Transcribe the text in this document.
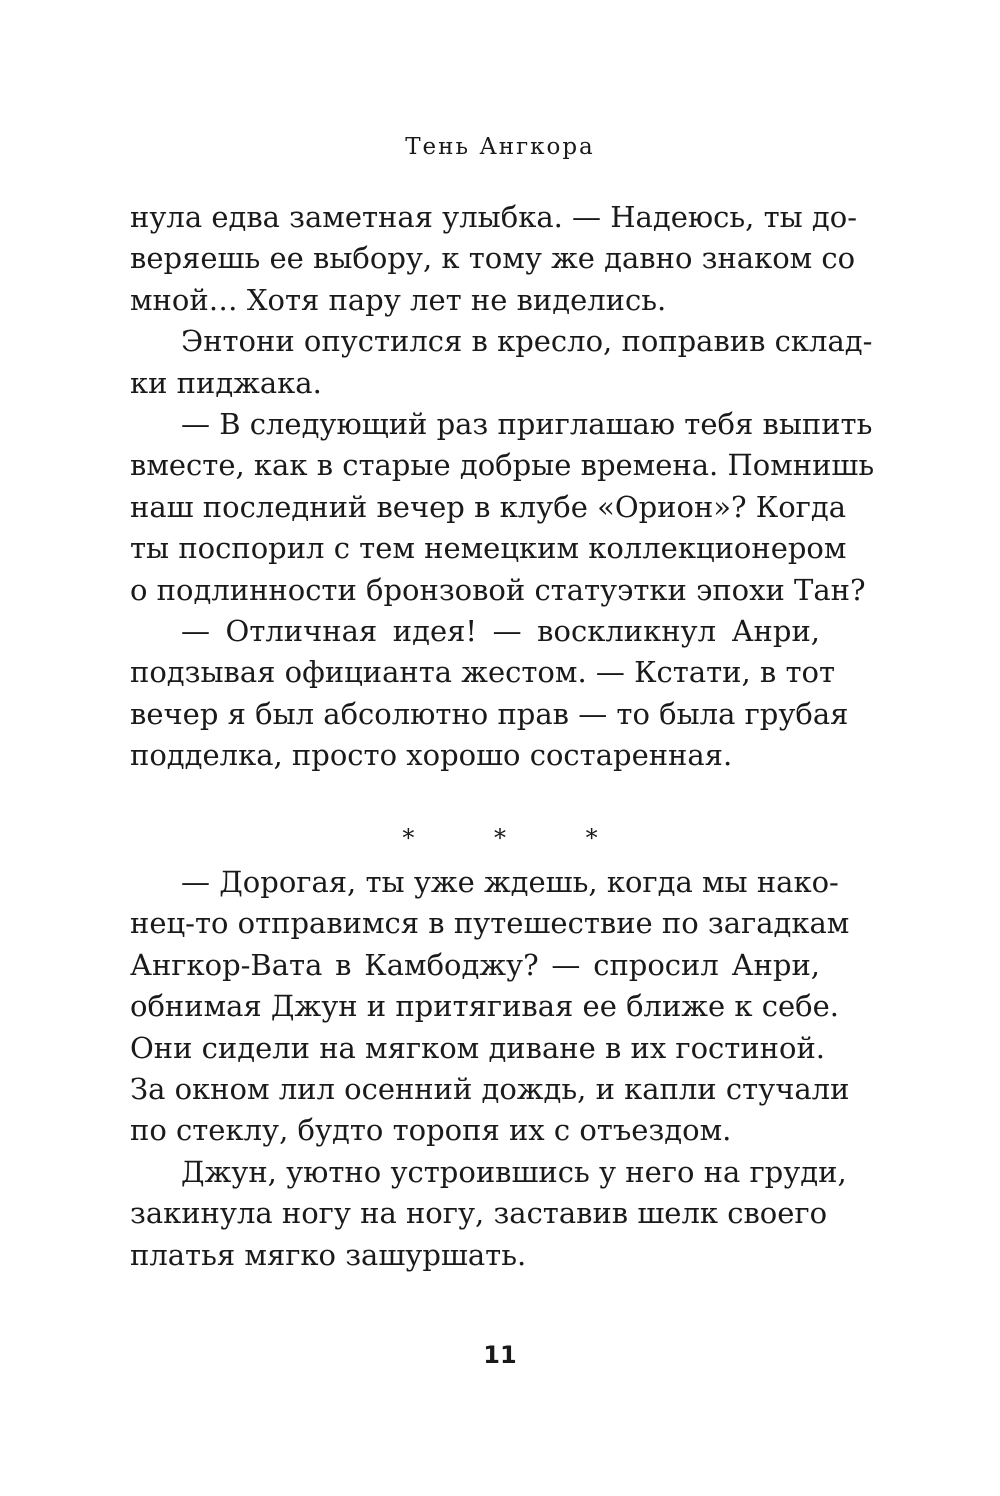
Тень Ангкора
нула едва заметная улыбка. — Надеюсь, ты до-
веряешь ее выбору, к тому же давно знаком со
мной… Хотя пару лет не виделись.
Энтони опустился в кресло, поправив склад-
ки пиджака.
— В следующий раз приглашаю тебя выпить
вместе, как в старые добрые времена. Помнишь
наш последний вечер в клубе «Орион»? Когда
ты поспорил с тем немецким коллекционером
о подлинности бронзовой статуэтки эпохи Тан?
— Отличная идея! — воскликнул Анри,
подзывая официанта жестом. — Кстати, в тот
вечер я был абсолютно прав — то была грубая
подделка, просто хорошо состаренная.
* * *
— Дорогая, ты уже ждешь, когда мы нако-
нец-то отправимся в путешествие по загадкам
Ангкор-Вата в Камбоджу? — спросил Анри,
обнимая Джун и притягивая ее ближе к себе.
Они сидели на мягком диване в их гостиной.
За окном лил осенний дождь, и капли стучали
по стеклу, будто торопя их с отъездом.
Джун, уютно устроившись у него на груди,
закинула ногу на ногу, заставив шелк своего
платья мягко зашуршать.
11
